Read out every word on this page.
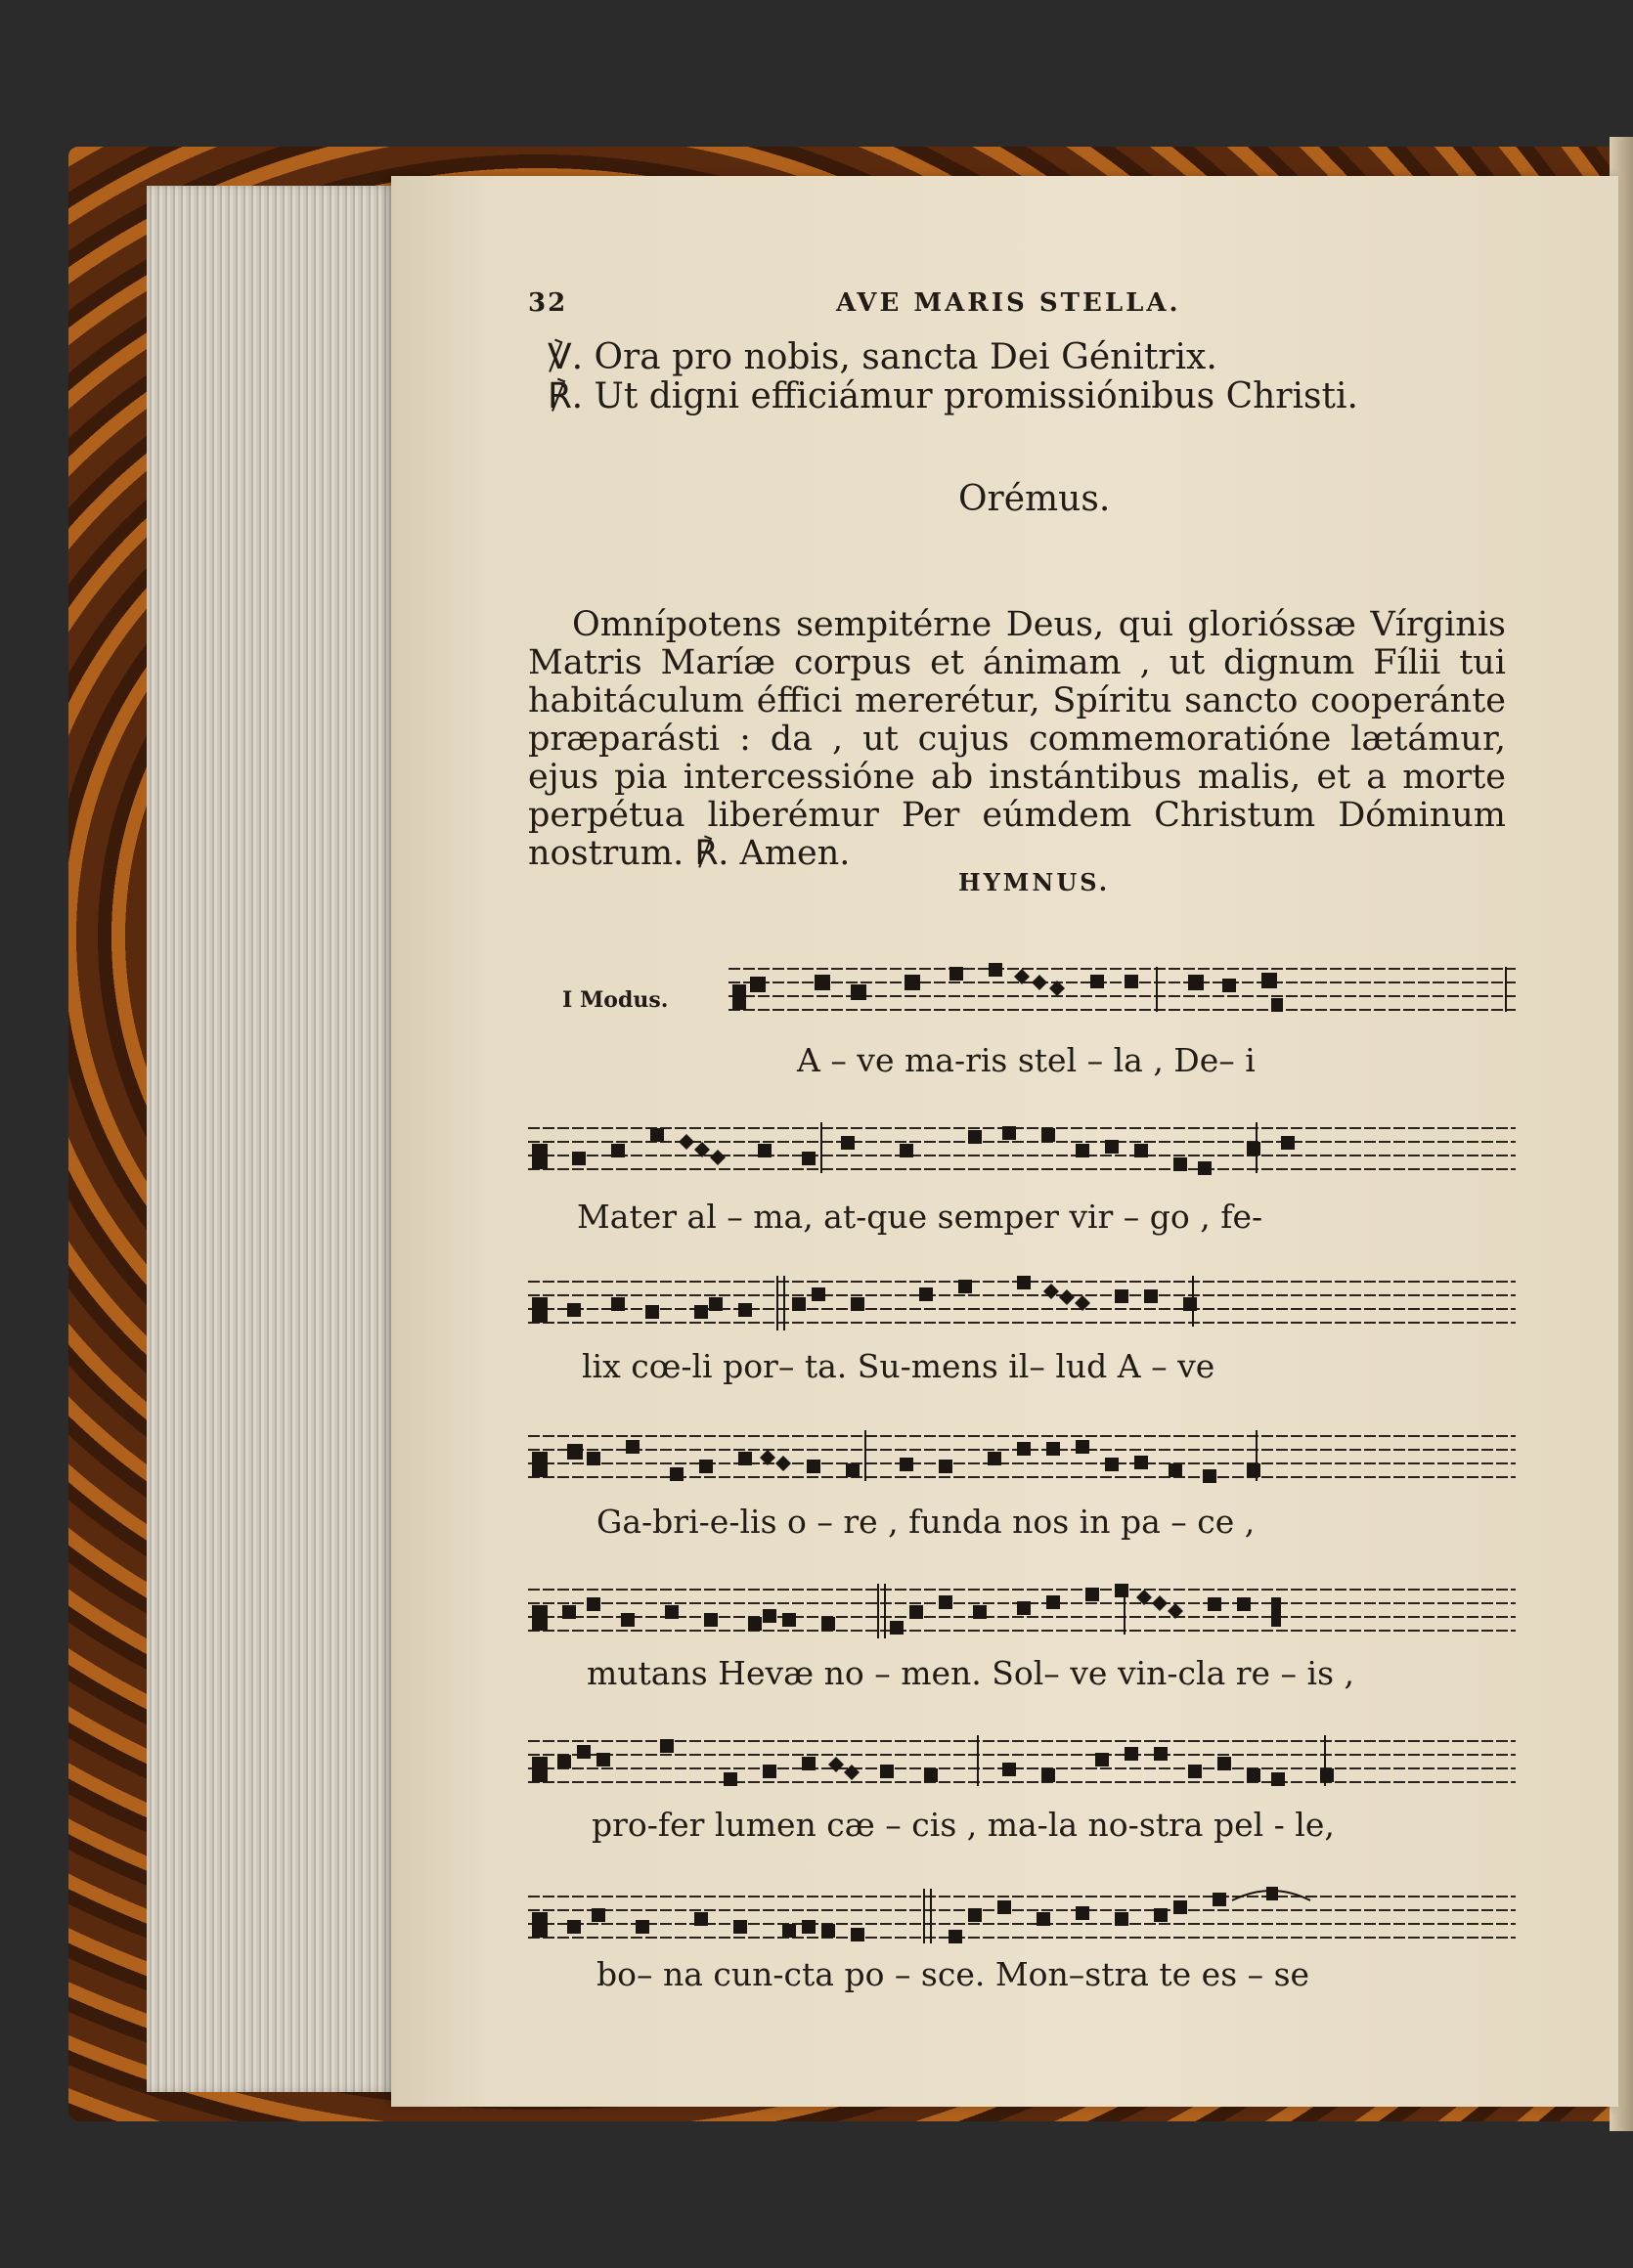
32	AVE MARIS STELLA.
℣. Ora pro nobis, sancta Dei Génitrix.
℟. Ut digni efficiámur promissiónibus Christi.
Orémus.

Omnípotens sempitérne Deus, qui glorióssæ Vírginis Matris Maríæ corpus et ánimam , ut dignum Fílii tui habitáculum éffici mererétur, Spíritu sancto cooperánte præparásti : da , ut cujus commemoratióne lætámur, ejus pia intercessióne ab instántibus malis, et a morte perpétua liberémur Per eúmdem Christum Dóminum nostrum. ℟. Amen.

HYMNUS.
I Modus.
A – ve ma-ris stel – la , De– i
Mater al – ma, at-que semper vir – go , fe-
lix cœ-li por– ta. Su-mens il– lud A – ve
Ga-bri-e-lis o – re , funda nos in pa – ce ,
mutans Hevæ no – men. Sol– ve vin-cla re – is ,
pro-fer lumen cæ – cis , ma-la no-stra pel - le,
bo– na cun-cta po – sce. Mon–stra te es – se
